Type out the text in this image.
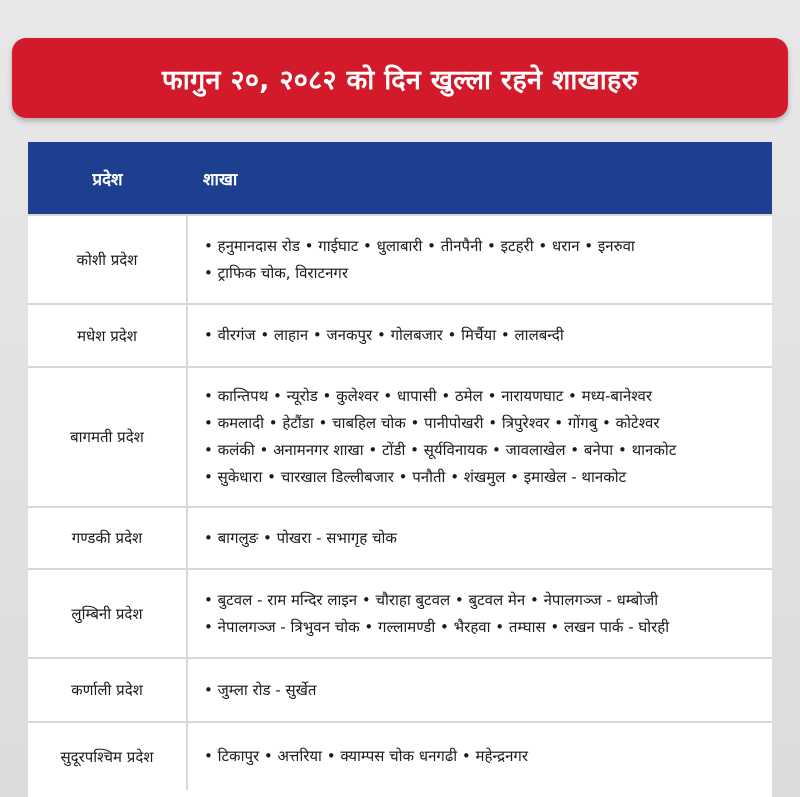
फागुन २०, २०८२ को दिन खुल्ला रहने शाखाहरु
प्रदेश	शाखा
कोशी प्रदेश	• हनुमानदास रोड • गाईघाट • धुलाबारी • तीनपैनी • इटहरी • धरान • इनरुवा
• ट्राफिक चोक, विराटनगर

मधेश प्रदेश	• वीरगंज • लाहान • जनकपुर • गोलबजार • मिर्चैया • लालबन्दी

बागमती प्रदेश	• कान्तिपथ • न्यूरोड • कुलेश्वर • धापासी • ठमेल • नारायणघाट • मध्य-बानेश्वर
• कमलादी • हेटौंडा • चाबहिल चोक • पानीपोखरी • त्रिपुरेश्वर • गोंगबु • कोटेश्वर
• कलंकी • अनामनगर शाखा • टोंडी • सूर्यविनायक • जावलाखेल • बनेपा • थानकोट
• सुकेधारा • चारखाल डिल्लीबजार • पनौती • शंखमुल • इमाखेल - थानकोट

गण्डकी प्रदेश	• बागलुङ • पोखरा - सभागृह चोक

लुम्बिनी प्रदेश	• बुटवल - राम मन्दिर लाइन • चौराहा बुटवल • बुटवल मेन • नेपालगञ्ज - धम्बोजी
• नेपालगञ्ज - त्रिभुवन चोक • गल्लामण्डी • भैरहवा • तम्घास • लखन पार्क - घोरही

कर्णाली प्रदेश	• जुम्ला रोड - सुर्खेत

सुदूरपश्चिम प्रदेश	• टिकापुर • अत्तरिया • क्याम्पस चोक धनगढी • महेन्द्रनगर
